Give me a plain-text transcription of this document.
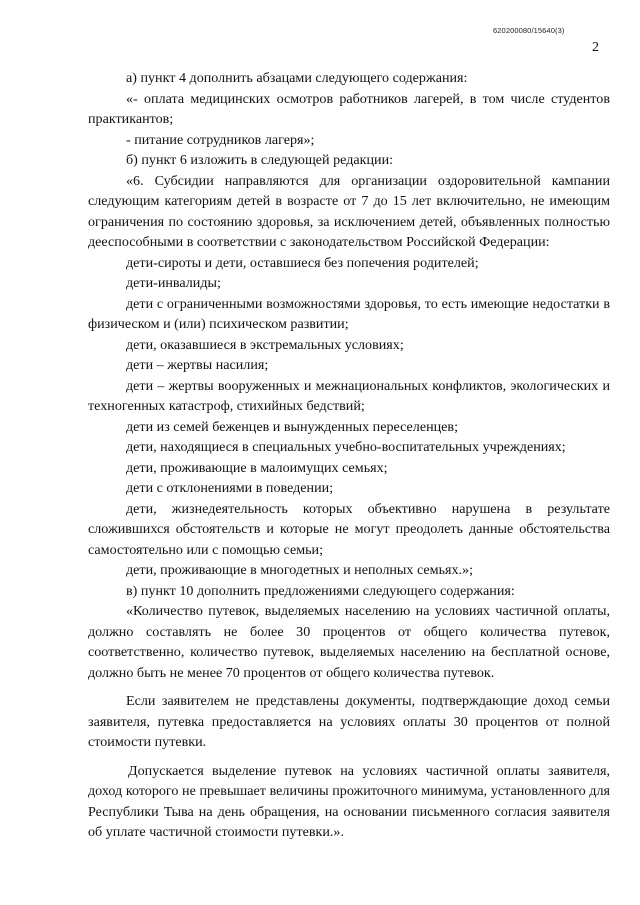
620200080/15640(3)
2

а) пункт 4 дополнить абзацами следующего содержания:

«- оплата медицинских осмотров работников лагерей, в том числе студентов практикантов;

- питание сотрудников лагеря»;

б) пункт 6 изложить в следующей редакции:

«6. Субсидии направляются для организации оздоровительной кампании следующим категориям детей в возрасте от 7 до 15 лет включительно, не имеющим ограничения по состоянию здоровья, за исключением детей, объявленных полностью дееспособными в соответствии с законодательством Российской Федерации:

дети-сироты и дети, оставшиеся без попечения родителей;

дети-инвалиды;

дети с ограниченными возможностями здоровья, то есть имеющие недостатки в физическом и (или) психическом развитии;

дети, оказавшиеся в экстремальных условиях;

дети – жертвы насилия;

дети – жертвы вооруженных и межнациональных конфликтов, экологических и техногенных катастроф, стихийных бедствий;

дети из семей беженцев и вынужденных переселенцев;

дети, находящиеся в специальных учебно-воспитательных учреждениях;

дети, проживающие в малоимущих семьях;

дети с отклонениями в поведении;

дети, жизнедеятельность которых объективно нарушена в результате сложившихся обстоятельств и которые не могут преодолеть данные обстоятельства самостоятельно или с помощью семьи;

дети, проживающие в многодетных и неполных семьях.»;

в) пункт 10 дополнить предложениями следующего содержания:

«Количество путевок, выделяемых населению на условиях частичной оплаты, должно составлять не более 30 процентов от общего количества путевок, соответственно, количество путевок, выделяемых населению на бесплатной основе, должно быть не менее 70 процентов от общего количества путевок.

Если заявителем не представлены документы, подтверждающие доход семьи заявителя, путевка предоставляется на условиях оплаты 30 процентов от полной стоимости путевки.

Допускается выделение путевок на условиях частичной оплаты заявителя, доход которого не превышает величины прожиточного минимума, установленного для Республики Тыва на день обращения, на основании письменного согласия заявителя об уплате частичной стоимости путевки.».
